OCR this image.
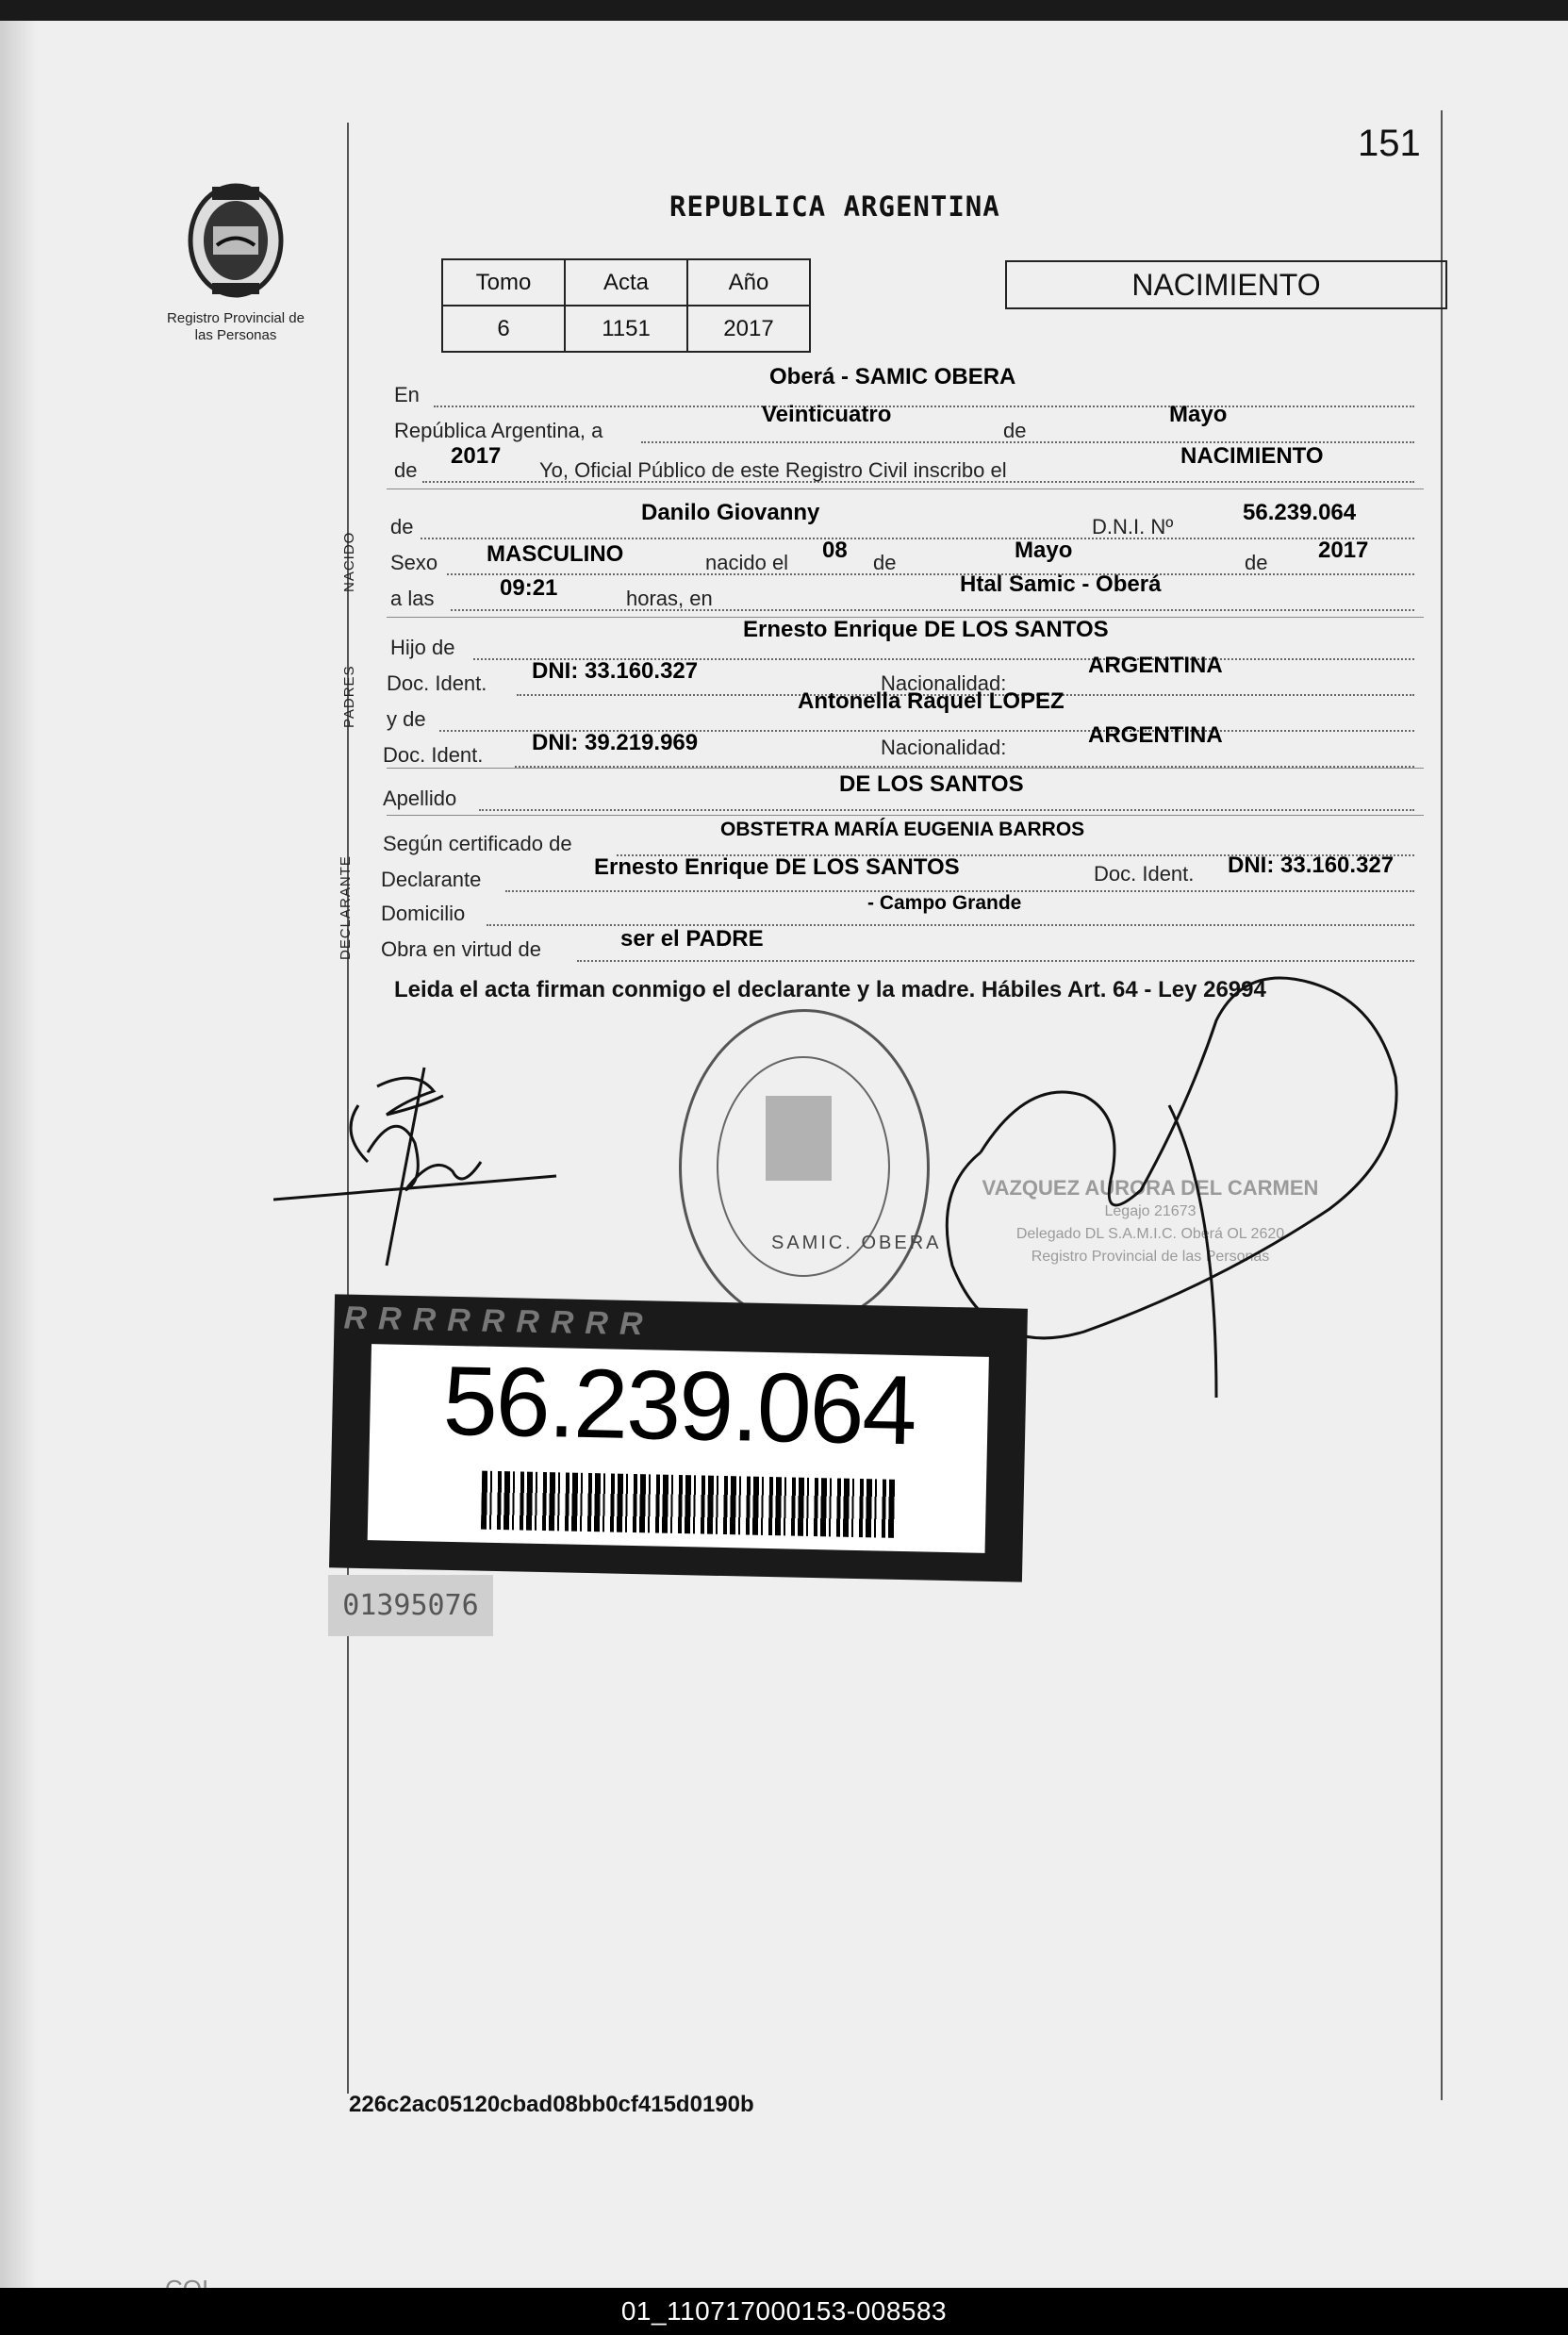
151
Registro Provincial de las Personas
REPUBLICA ARGENTINA
Tomo	Acta	Año
6	1151	2017
NACIMIENTO
En
Oberá - SAMIC OBERA
República Argentina, a
Veinticuatro
de
Mayo
de
2017
Yo, Oficial Público de este Registro Civil inscribo el
NACIMIENTO
NACIDO
de
Danilo Giovanny
D.N.I. Nº
56.239.064
Sexo MASCULINO	nacido el 08 de	Mayo	de 2017
a las	09:21	horas, en
Htal Samic - Oberá
PADRES
Hijo de
Ernesto Enrique DE LOS SANTOS
Doc. Ident. DNI: 33.160.327	Nacionalidad:
ARGENTINA
y de
Antonella Raquel LOPEZ
Doc. Ident. DNI: 39.219.969	Nacionalidad:	ARGENTINA
Apellido
DE LOS SANTOS
DECLARANTE
Según certificado de
OBSTETRA MARÍA EUGENIA BARROS
Declarante	Ernesto Enrique DE LOS SANTOS	Doc. Ident. DNI: 33.160.327
Domicilio	- Campo Grande
Obra en virtud de	ser el PADRE
Leida el acta firman conmigo el declarante y la madre. Hábiles Art. 64 - Ley 26994
SAMIC. OBERA
VAZQUEZ AURORA DEL CARMEN
Legajo 21673
Delegado DL S.A.M.I.C. Oberá OL 2620
Registro Provincial de las Personas
RRRRRRRRR
56.239.064
01395076
226c2ac05120cbad08bb0cf415d0190b
01_110717000153-008583
